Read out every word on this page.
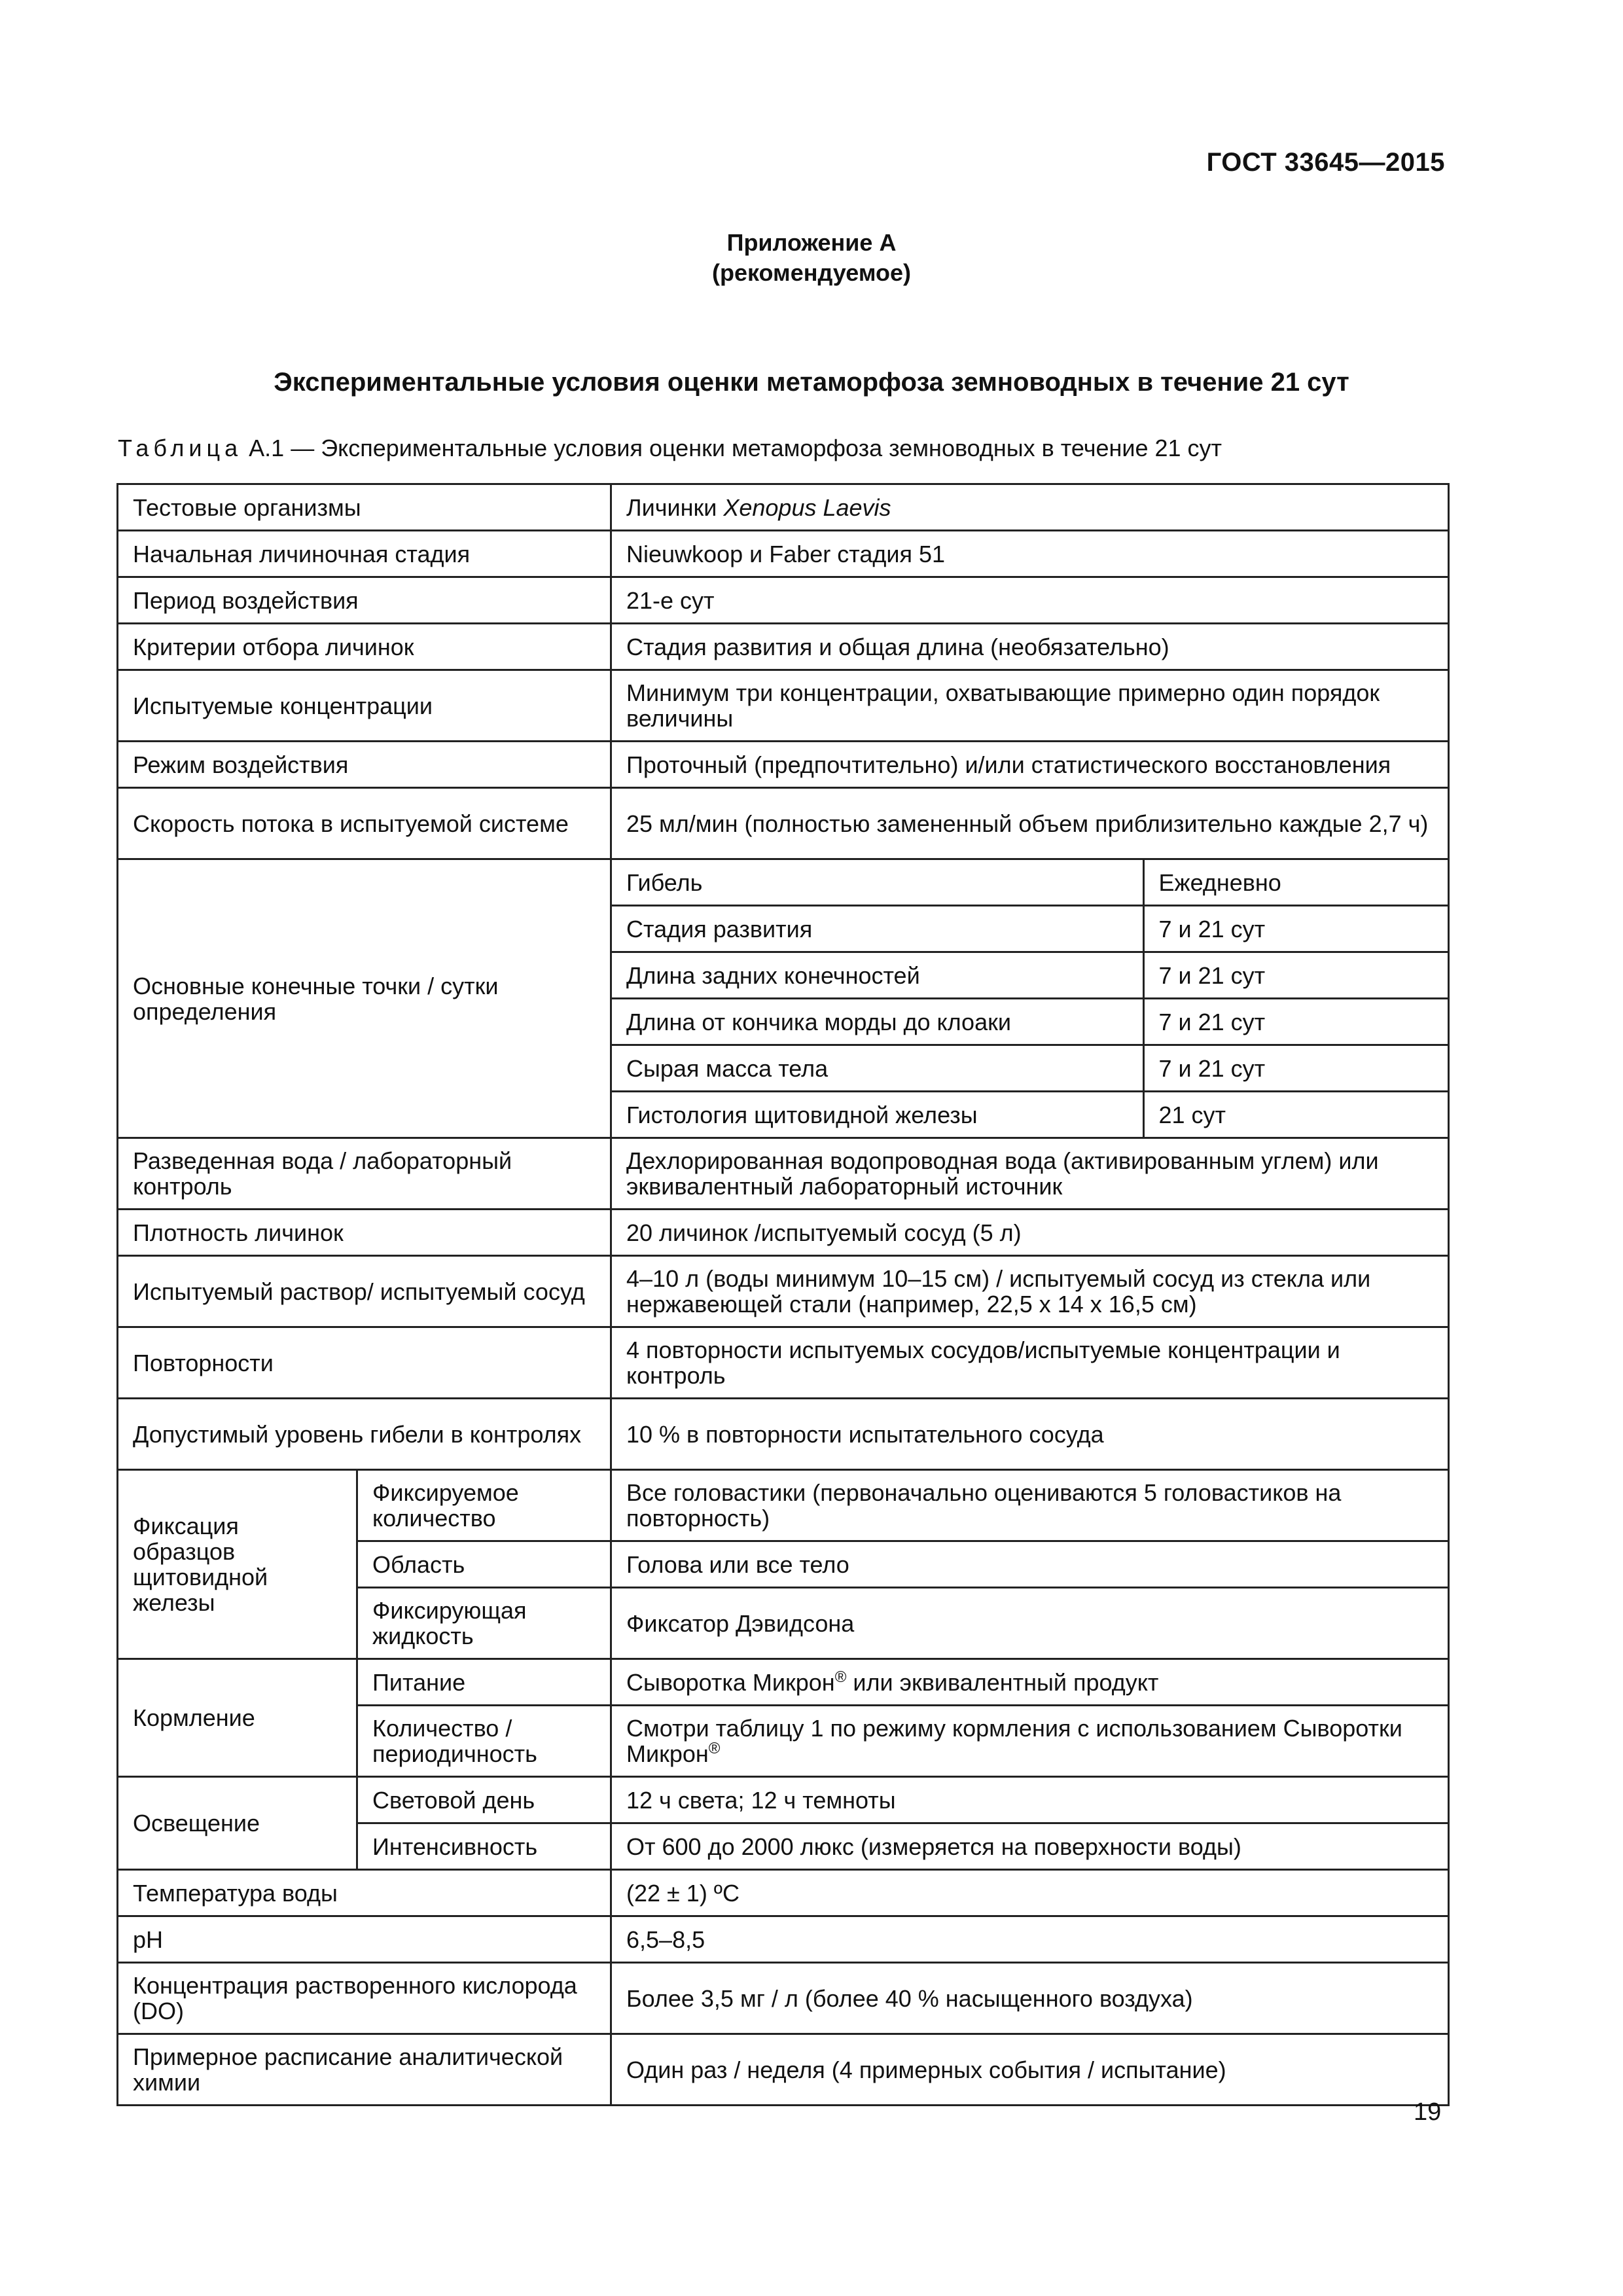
ГОСТ 33645—2015
Приложение А
(рекомендуемое)
Экспериментальные условия оценки метаморфоза земноводных в течение 21 сут
Таблица А.1 — Экспериментальные условия оценки метаморфоза земноводных в течение 21 сут
Тестовые организмы	Личинки Xenopus Laevis
Начальная личиночная стадия	Nieuwkoop и Faber стадия 51
Период воздействия	21-е сут
Критерии отбора личинок	Стадия развития и общая длина (необязательно)
Испытуемые концентрации	Минимум три концентрации, охватывающие примерно один порядок величины
Режим воздействия	Проточный (предпочтительно) и/или статистического восстановления
Скорость потока в испытуемой системе	25 мл/мин (полностью замененный объем приблизительно каждые 2,7 ч)
Основные конечные точки / сутки определения	
Гибель	Ежедневно
Стадия развития	7 и 21 сут
Длина задних конечностей	7 и 21 сут
Длина от кончика морды до клоаки	7 и 21 сут
Сырая масса тела	7 и 21 сут
Гистология щитовидной железы	21 сут

Разведенная вода / лабораторный контроль	Дехлорированная водопроводная вода (активированным углем) или эквивалентный лабораторный источник
Плотность личинок	20 личинок /испытуемый сосуд (5 л)
Испытуемый раствор/ испытуемый сосуд	4–10 л (воды минимум 10–15 см) / испытуемый сосуд из стекла или нержавеющей стали (например, 22,5 х 14 х 16,5 см)
Повторности	4 повторности испытуемых сосудов/испытуемые концентрации и контроль
Допустимый уровень гибели в контролях	10 % в повторности испытательного сосуда
Фиксация образцов щитовидной железы	Фиксируемое количество	Все головастики (первоначально оцениваются 5 головастиков на повторность)
Область	Голова или все тело
Фиксирующая жидкость	Фиксатор Дэвидсона
Кормление	Питание	Сыворотка Микрон® или эквивалентный продукт
Количество / периодичность	Смотри таблицу 1 по режиму кормления с использованием Сыворотки Микрон®
Освещение	Световой день	12 ч света; 12 ч темноты
Интенсивность	От 600 до 2000 люкс (измеряется на поверхности воды)
Температура воды	(22 ± 1) ºС
pH	6,5–8,5
Концентрация растворенного кислорода (DO)	Более 3,5 мг / л (более 40 % насыщенного воздуха)
Примерное расписание аналитической химии	Один раз / неделя (4 примерных события / испытание)
19
